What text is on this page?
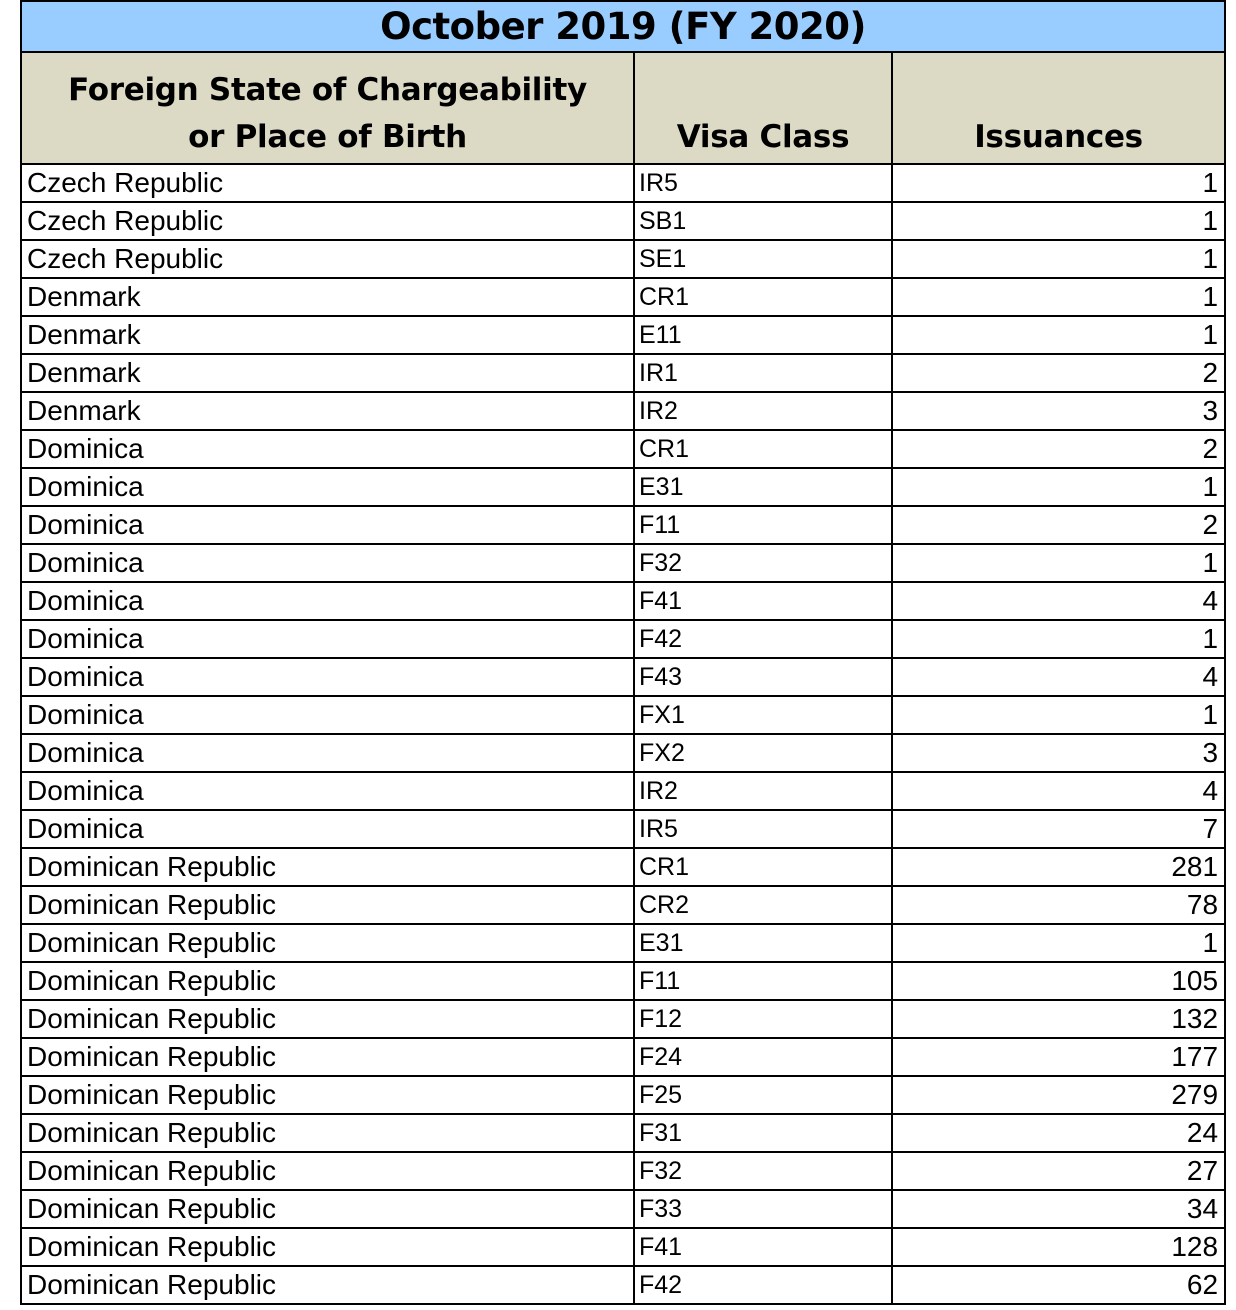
October 2019 (FY 2020)		

Foreign State of Chargeability
or Place of Birth	Visa Class	Issuances
Czech Republic	IR5	1
Czech Republic	SB1	1
Czech Republic	SE1	1
Denmark	CR1	1
Denmark	E11	1
Denmark	IR1	2
Denmark	IR2	3
Dominica	CR1	2
Dominica	E31	1
Dominica	F11	2
Dominica	F32	1
Dominica	F41	4
Dominica	F42	1
Dominica	F43	4
Dominica	FX1	1
Dominica	FX2	3
Dominica	IR2	4
Dominica	IR5	7
Dominican Republic	CR1	281
Dominican Republic	CR2	78
Dominican Republic	E31	1
Dominican Republic	F11	105
Dominican Republic	F12	132
Dominican Republic	F24	177
Dominican Republic	F25	279
Dominican Republic	F31	24
Dominican Republic	F32	27
Dominican Republic	F33	34
Dominican Republic	F41	128
Dominican Republic	F42	62
